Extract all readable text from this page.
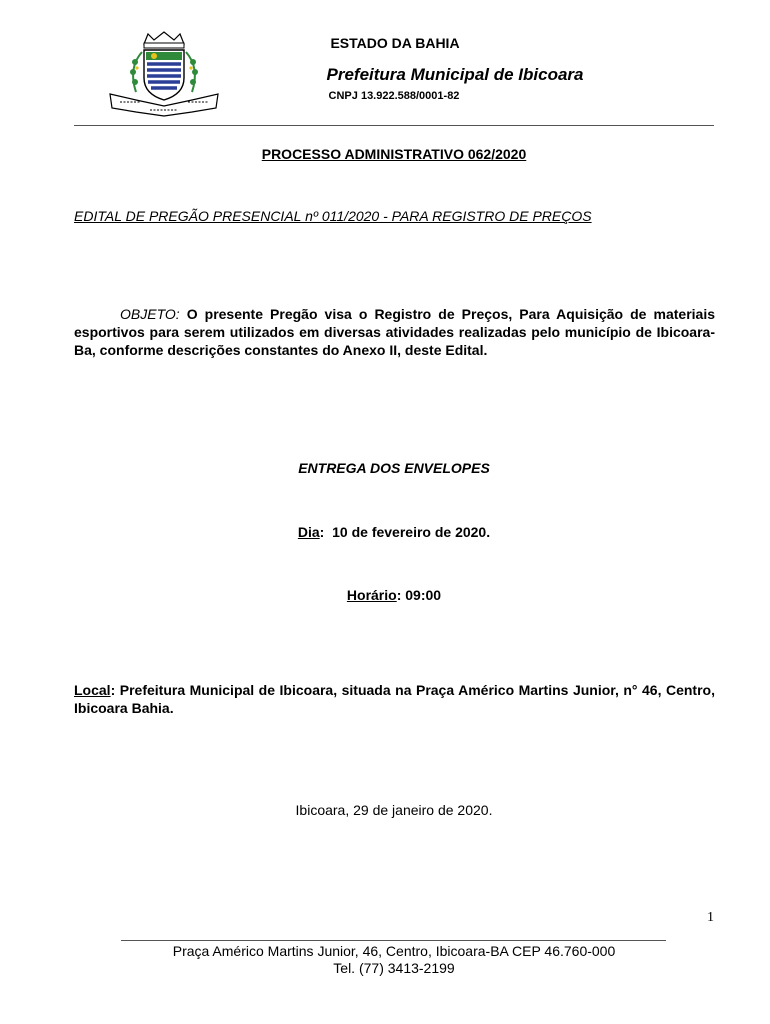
ESTADO DA BAHIA
Prefeitura Municipal de Ibicoara
CNPJ 13.922.588/0001-82
PROCESSO ADMINISTRATIVO 062/2020
EDITAL DE PREGÃO PRESENCIAL nº 011/2020 - PARA REGISTRO DE PREÇOS
OBJETO: O presente Pregão visa o Registro de Preços, Para Aquisição de materiais esportivos para serem utilizados em diversas atividades realizadas pelo município de Ibicoara- Ba, conforme descrições constantes do Anexo II, deste Edital.
ENTREGA DOS ENVELOPES
Dia:  10 de fevereiro de 2020.
Horário: 09:00
Local: Prefeitura Municipal de Ibicoara, situada na Praça Américo Martins Junior, n° 46, Centro, Ibicoara Bahia.
Ibicoara, 29 de janeiro de 2020.
1
Praça Américo Martins Junior, 46, Centro, Ibicoara-BA CEP 46.760-000
Tel. (77) 3413-2199
